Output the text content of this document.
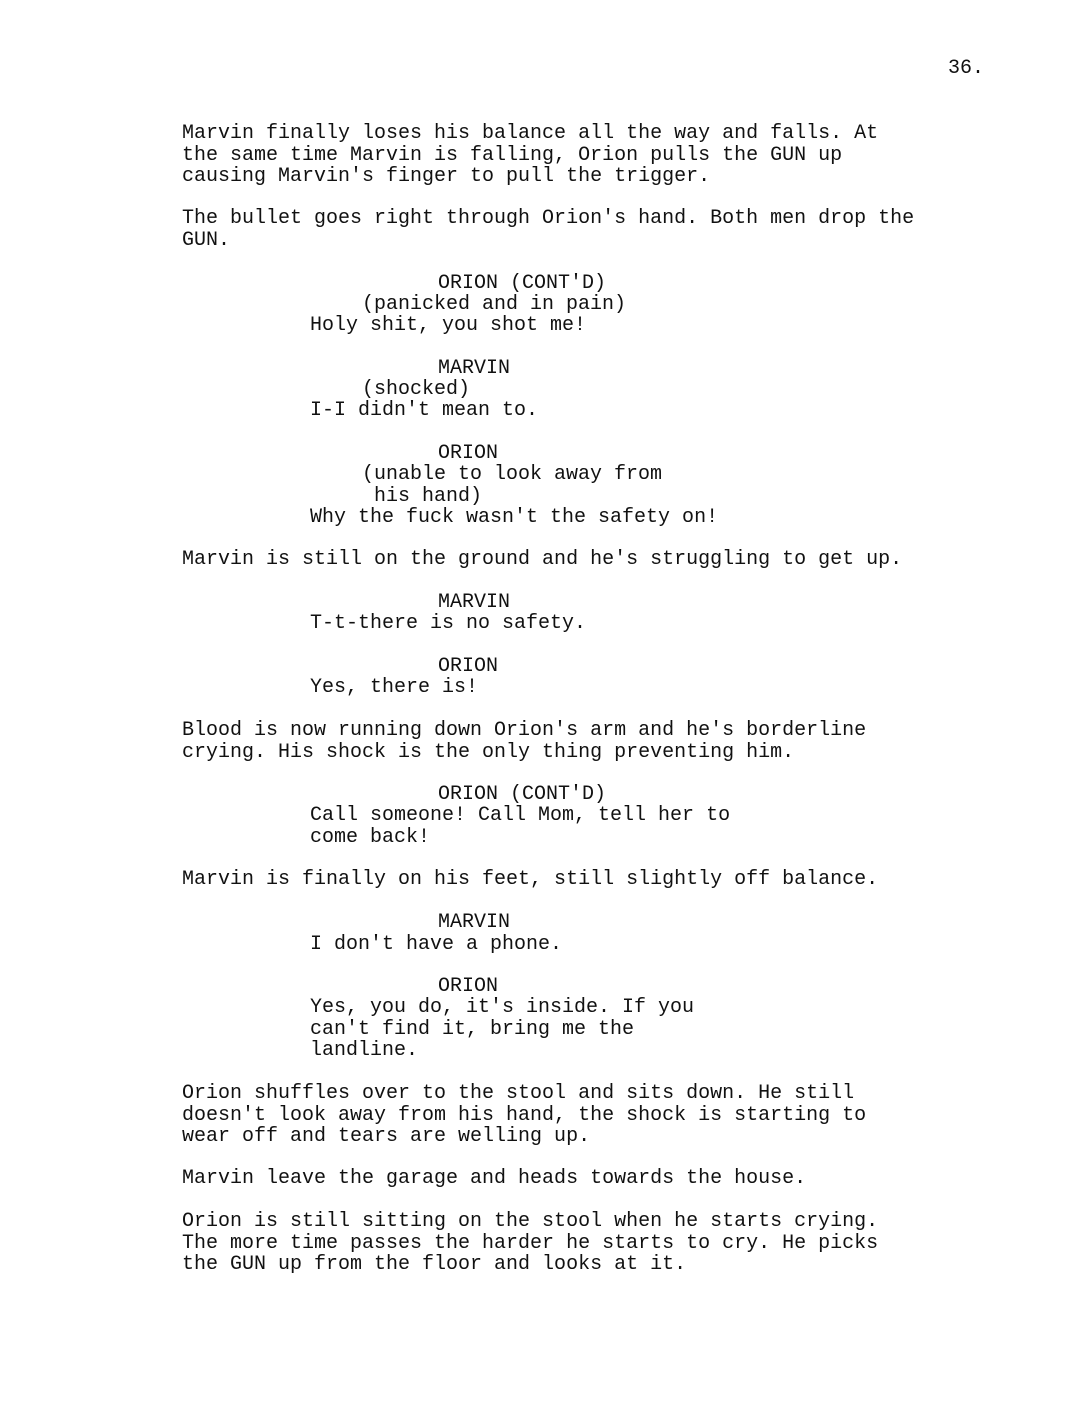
36.
Marvin finally loses his balance all the way and falls. At
the same time Marvin is falling, Orion pulls the GUN up
causing Marvin's finger to pull the trigger.
The bullet goes right through Orion's hand. Both men drop the
GUN.
ORION (CONT'D)
(panicked and in pain)
Holy shit, you shot me!
MARVIN
(shocked)
I-I didn't mean to.
ORION
(unable to look away from
his hand)
Why the fuck wasn't the safety on!
Marvin is still on the ground and he's struggling to get up.
MARVIN
T-t-there is no safety.
ORION
Yes, there is!
Blood is now running down Orion's arm and he's borderline
crying. His shock is the only thing preventing him.
ORION (CONT'D)
Call someone! Call Mom, tell her to
come back!
Marvin is finally on his feet, still slightly off balance.
MARVIN
I don't have a phone.
ORION
Yes, you do, it's inside. If you
can't find it, bring me the
landline.
Orion shuffles over to the stool and sits down. He still
doesn't look away from his hand, the shock is starting to
wear off and tears are welling up.
Marvin leave the garage and heads towards the house.
Orion is still sitting on the stool when he starts crying.
The more time passes the harder he starts to cry. He picks
the GUN up from the floor and looks at it.
